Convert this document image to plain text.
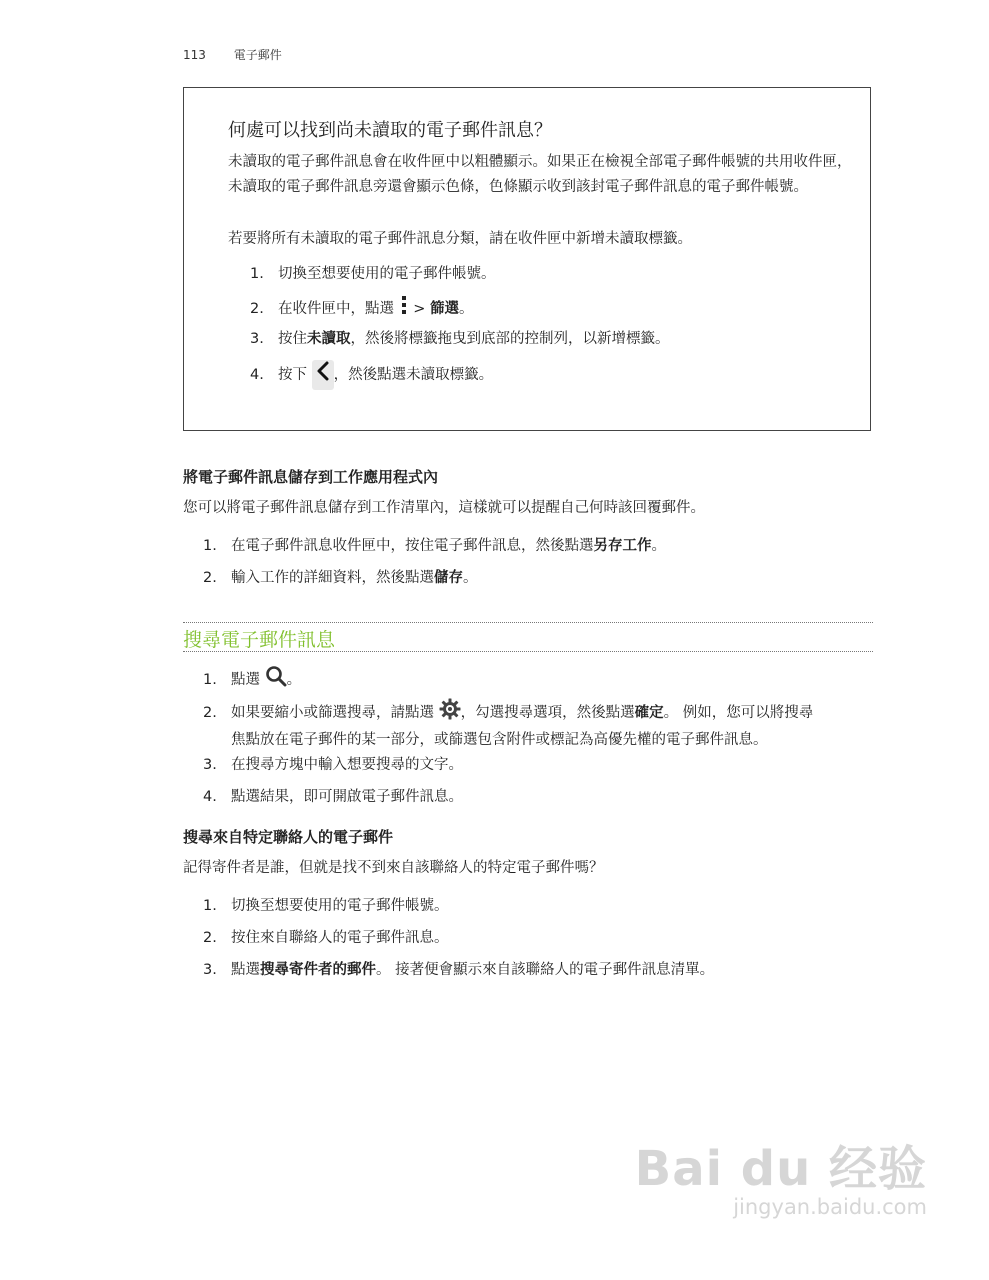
113 電子郵件
何處可以找到尚未讀取的電子郵件訊息？
未讀取的電子郵件訊息會在收件匣中以粗體顯示。如果正在檢視全部電子郵件帳號的共用收件匣，未讀取的電子郵件訊息旁還會顯示色條，色條顯示收到該封電子郵件訊息的電子郵件帳號。
若要將所有未讀取的電子郵件訊息分類，請在收件匣中新增未讀取標籤。
1. 切換至想要使用的電子郵件帳號。
2. 在收件匣中，點選  > 篩選。
3. 按住未讀取，然後將標籤拖曳到底部的控制列，以新增標籤。
4. 按下 ，然後點選未讀取標籤。
將電子郵件訊息儲存到工作應用程式內
您可以將電子郵件訊息儲存到工作清單內，這樣就可以提醒自己何時該回覆郵件。
1. 在電子郵件訊息收件匣中，按住電子郵件訊息，然後點選另存工作。
2. 輸入工作的詳細資料，然後點選儲存。
搜尋電子郵件訊息
1. 點選 。
2. 如果要縮小或篩選搜尋，請點選 ，勾選搜尋選項，然後點選確定。 例如，您可以將搜尋
焦點放在電子郵件的某一部分，或篩選包含附件或標記為高優先權的電子郵件訊息。
3. 在搜尋方塊中輸入想要搜尋的文字。
4. 點選結果，即可開啟電子郵件訊息。
搜尋來自特定聯絡人的電子郵件
記得寄件者是誰，但就是找不到來自該聯絡人的特定電子郵件嗎？
1. 切換至想要使用的電子郵件帳號。
2. 按住來自聯絡人的電子郵件訊息。
3. 點選搜尋寄件者的郵件。 接著便會顯示來自該聯絡人的電子郵件訊息清單。
Bai du 经验
jingyan.baidu.com
